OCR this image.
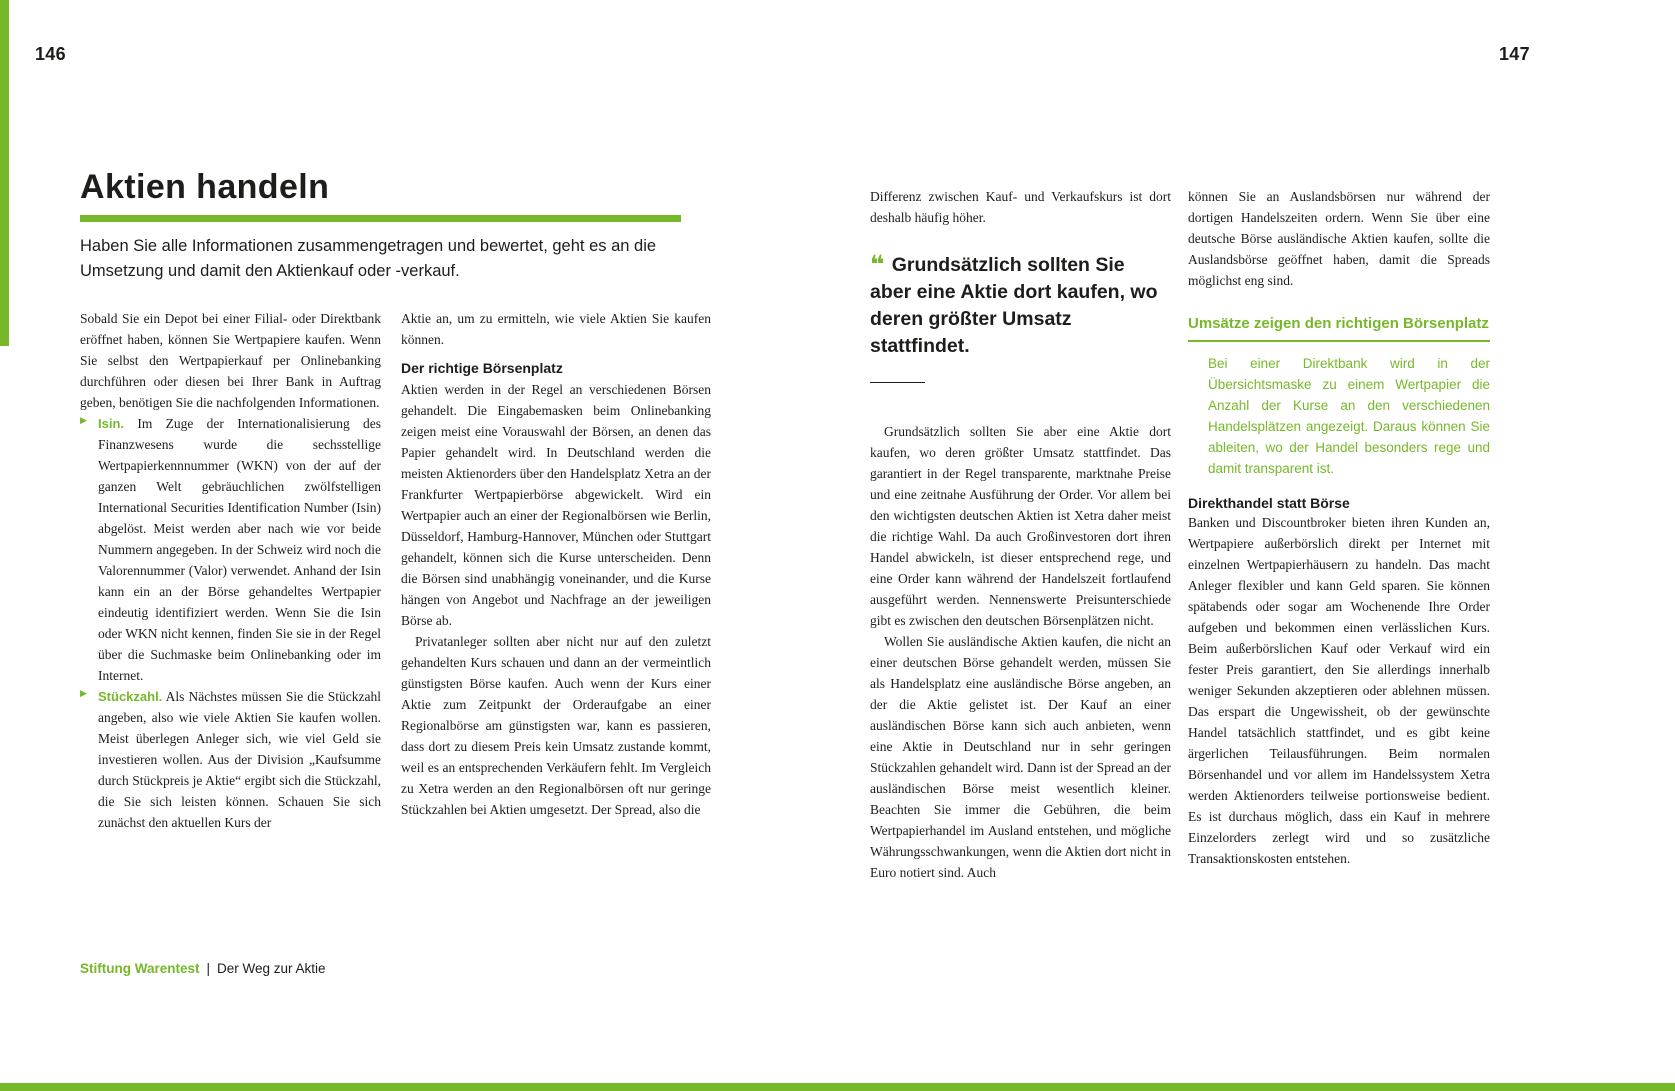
146	147
Aktien handeln

Haben Sie alle Informationen zusammengetragen und bewertet, geht es an die Umsetzung und damit den Aktienkauf oder -verkauf.

Sobald Sie ein Depot bei einer Filial- oder Direktbank eröffnet haben, können Sie Wertpapiere kaufen. Wenn Sie selbst den Wertpapierkauf per Onlinebanking durchführen oder diesen bei Ihrer Bank in Auftrag geben, benötigen Sie die nachfolgenden Informationen.

▶ Isin. Im Zuge der Internationalisierung des Finanzwesens wurde die sechsstellige Wertpapierkennnummer (WKN) von der auf der ganzen Welt gebräuchlichen zwölfstelligen International Securities Identification Number (Isin) abgelöst. Meist werden aber nach wie vor beide Nummern angegeben. In der Schweiz wird noch die Valorennummer (Valor) verwendet. Anhand der Isin kann ein an der Börse gehandeltes Wertpapier eindeutig identifiziert werden. Wenn Sie die Isin oder WKN nicht kennen, finden Sie sie in der Regel über die Suchmaske beim Onlinebanking oder im Internet.

▶ Stückzahl. Als Nächstes müssen Sie die Stückzahl angeben, also wie viele Aktien Sie kaufen wollen. Meist überlegen Anleger sich, wie viel Geld sie investieren wollen. Aus der Division „Kaufsumme durch Stückpreis je Aktie“ ergibt sich die Stückzahl, die Sie sich leisten können. Schauen Sie sich zunächst den aktuellen Kurs der

Aktie an, um zu ermitteln, wie viele Aktien Sie kaufen können.

Der richtige Börsenplatz

Aktien werden in der Regel an verschiedenen Börsen gehandelt. Die Eingabemasken beim Onlinebanking zeigen meist eine Vorauswahl der Börsen, an denen das Papier gehandelt wird. In Deutschland werden die meisten Aktienorders über den Handelsplatz Xetra an der Frankfurter Wertpapierbörse abgewickelt. Wird ein Wertpapier auch an einer der Regionalbörsen wie Berlin, Düsseldorf, Hamburg-Hannover, München oder Stuttgart gehandelt, können sich die Kurse unterscheiden. Denn die Börsen sind unabhängig voneinander, und die Kurse hängen von Angebot und Nachfrage an der jeweiligen Börse ab.

Privatanleger sollten aber nicht nur auf den zuletzt gehandelten Kurs schauen und dann an der vermeintlich günstigsten Börse kaufen. Auch wenn der Kurs einer Aktie zum Zeitpunkt der Orderaufgabe an einer Regionalbörse am günstigsten war, kann es passieren, dass dort zu diesem Preis kein Umsatz zustande kommt, weil es an entsprechenden Verkäufern fehlt. Im Vergleich zu Xetra werden an den Regionalbörsen oft nur geringe Stückzahlen bei Aktien umgesetzt. Der Spread, also die

Stiftung Warentest | Der Weg zur Aktie

Differenz zwischen Kauf- und Verkaufskurs ist dort deshalb häufig höher.

❝ Grundsätzlich sollten Sie aber eine Aktie dort kaufen, wo deren größter Umsatz stattfindet.

Grundsätzlich sollten Sie aber eine Aktie dort kaufen, wo deren größter Umsatz stattfindet. Das garantiert in der Regel transparente, marktnahe Preise und eine zeitnahe Ausführung der Order. Vor allem bei den wichtigsten deutschen Aktien ist Xetra daher meist die richtige Wahl. Da auch Großinvestoren dort ihren Handel abwickeln, ist dieser entsprechend rege, und eine Order kann während der Handelszeit fortlaufend ausgeführt werden. Nennenswerte Preisunterschiede gibt es zwischen den deutschen Börsenplätzen nicht.

Wollen Sie ausländische Aktien kaufen, die nicht an einer deutschen Börse gehandelt werden, müssen Sie als Handelsplatz eine ausländische Börse angeben, an der die Aktie gelistet ist. Der Kauf an einer ausländischen Börse kann sich auch anbieten, wenn eine Aktie in Deutschland nur in sehr geringen Stückzahlen gehandelt wird. Dann ist der Spread an der ausländischen Börse meist wesentlich kleiner. Beachten Sie immer die Gebühren, die beim Wertpapierhandel im Ausland entstehen, und mögliche Währungsschwankungen, wenn die Aktien dort nicht in Euro notiert sind. Auch

können Sie an Auslandsbörsen nur während der dortigen Handelszeiten ordern. Wenn Sie über eine deutsche Börse ausländische Aktien kaufen, sollte die Auslandsbörse geöffnet haben, damit die Spreads möglichst eng sind.

Umsätze zeigen den richtigen Börsenplatz

Bei einer Direktbank wird in der Übersichtsmaske zu einem Wertpapier die Anzahl der Kurse an den verschiedenen Handelsplätzen angezeigt. Daraus können Sie ableiten, wo der Handel besonders rege und damit transparent ist.

Direkthandel statt Börse

Banken und Discountbroker bieten ihren Kunden an, Wertpapiere außerbörslich direkt per Internet mit einzelnen Wertpapierhäusern zu handeln. Das macht Anleger flexibler und kann Geld sparen. Sie können spätabends oder sogar am Wochenende Ihre Order aufgeben und bekommen einen verlässlichen Kurs. Beim außerbörslichen Kauf oder Verkauf wird ein fester Preis garantiert, den Sie allerdings innerhalb weniger Sekunden akzeptieren oder ablehnen müssen. Das erspart die Ungewissheit, ob der gewünschte Handel tatsächlich stattfindet, und es gibt keine ärgerlichen Teilausführungen. Beim normalen Börsenhandel und vor allem im Handelssystem Xetra werden Aktienorders teilweise portionsweise bedient. Es ist durchaus möglich, dass ein Kauf in mehrere Einzelorders zerlegt wird und so zusätzliche Transaktionskosten entstehen.
